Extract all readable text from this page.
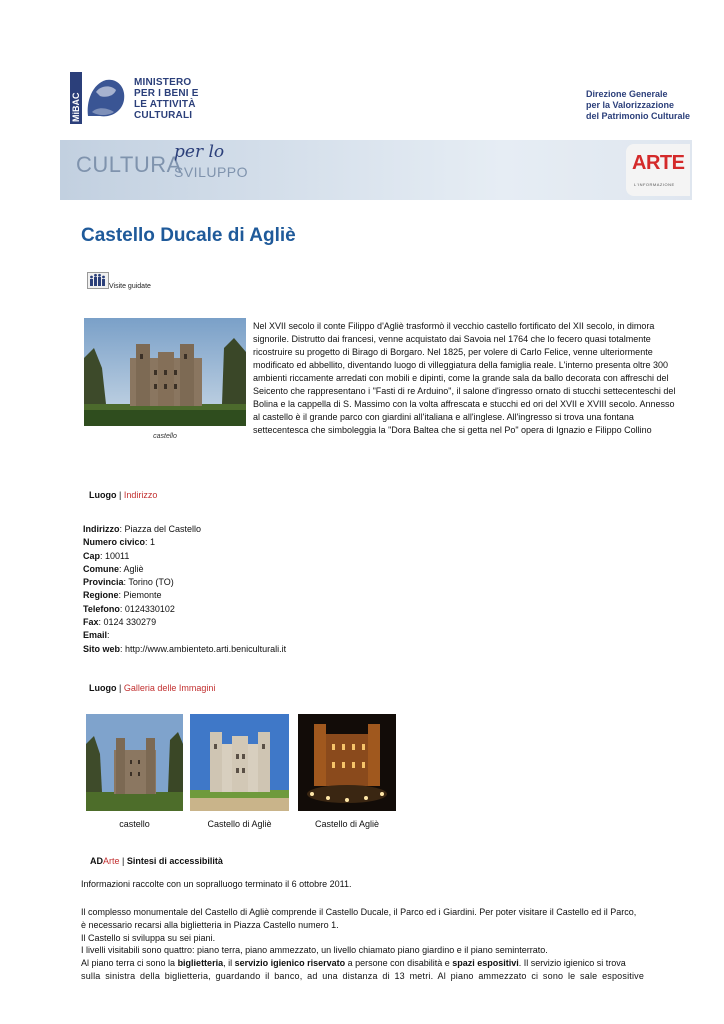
MiBAC
MINISTERO
PER I BENI E
LE ATTIVITÀ
CULTURALI
Direzione Generale
per la Valorizzazione
del Patrimonio Culturale
CULTURA
per lo
SVILUPPO	ARTE
L'INFORMAZIONE
Castello Ducale di Agliè
Visite guidate
castello
Nel XVII secolo il conte Filippo d'Agliè trasformò il vecchio castello fortificato del XII secolo, in dimora signorile. Distrutto dai francesi, venne acquistato dai Savoia nel 1764 che lo fecero quasi totalmente ricostruire su progetto di Birago di Borgaro. Nel 1825, per volere di Carlo Felice, venne ulteriormente modificato ed abbellito, diventando luogo di villeggiatura della famiglia reale. L'interno presenta oltre 300 ambienti riccamente arredati con mobili e dipinti, come la grande sala da ballo decorata con affreschi del Seicento che rappresentano i "Fasti di re Arduino", il salone d'ingresso ornato di stucchi settecenteschi del Bolina e la cappella di S. Massimo con la volta affrescata e stucchi ed ori del XVII e XVIII secolo. Annesso al castello è il grande parco con giardini all'italiana e all'inglese. All'ingresso si trova una fontana settecentesca che simboleggia la "Dora Baltea che si getta nel Po" opera di Ignazio e Filippo Collino
Luogo | Indirizzo
Indirizzo: Piazza del Castello
Numero civico: 1
Cap: 10011
Comune: Agliè
Provincia: Torino (TO)
Regione: Piemonte
Telefono: 0124330102
Fax: 0124 330279
Email:
Sito web: http://www.ambienteto.arti.beniculturali.it
Luogo | Galleria delle Immagini
castello	Castello di Agliè	Castello di Agliè
ADArte | Sintesi di accessibilità
Informazioni raccolte con un sopralluogo terminato il 6 ottobre 2011.
Il complesso monumentale del Castello di Agliè comprende il Castello Ducale, il Parco ed i Giardini. Per poter visitare il Castello ed il Parco,
è necessario recarsi alla biglietteria in Piazza Castello numero 1.
Il Castello si sviluppa su sei piani.
I livelli visitabili sono quattro: piano terra, piano ammezzato, un livello chiamato piano giardino e il piano seminterrato.
Al piano terra ci sono la biglietteria, il servizio igienico riservato a persone con disabilità e spazi espositivi. Il servizio igienico si trova
sulla sinistra della biglietteria, guardando il banco, ad una distanza di 13 metri. Al piano ammezzato ci sono le sale espositive
